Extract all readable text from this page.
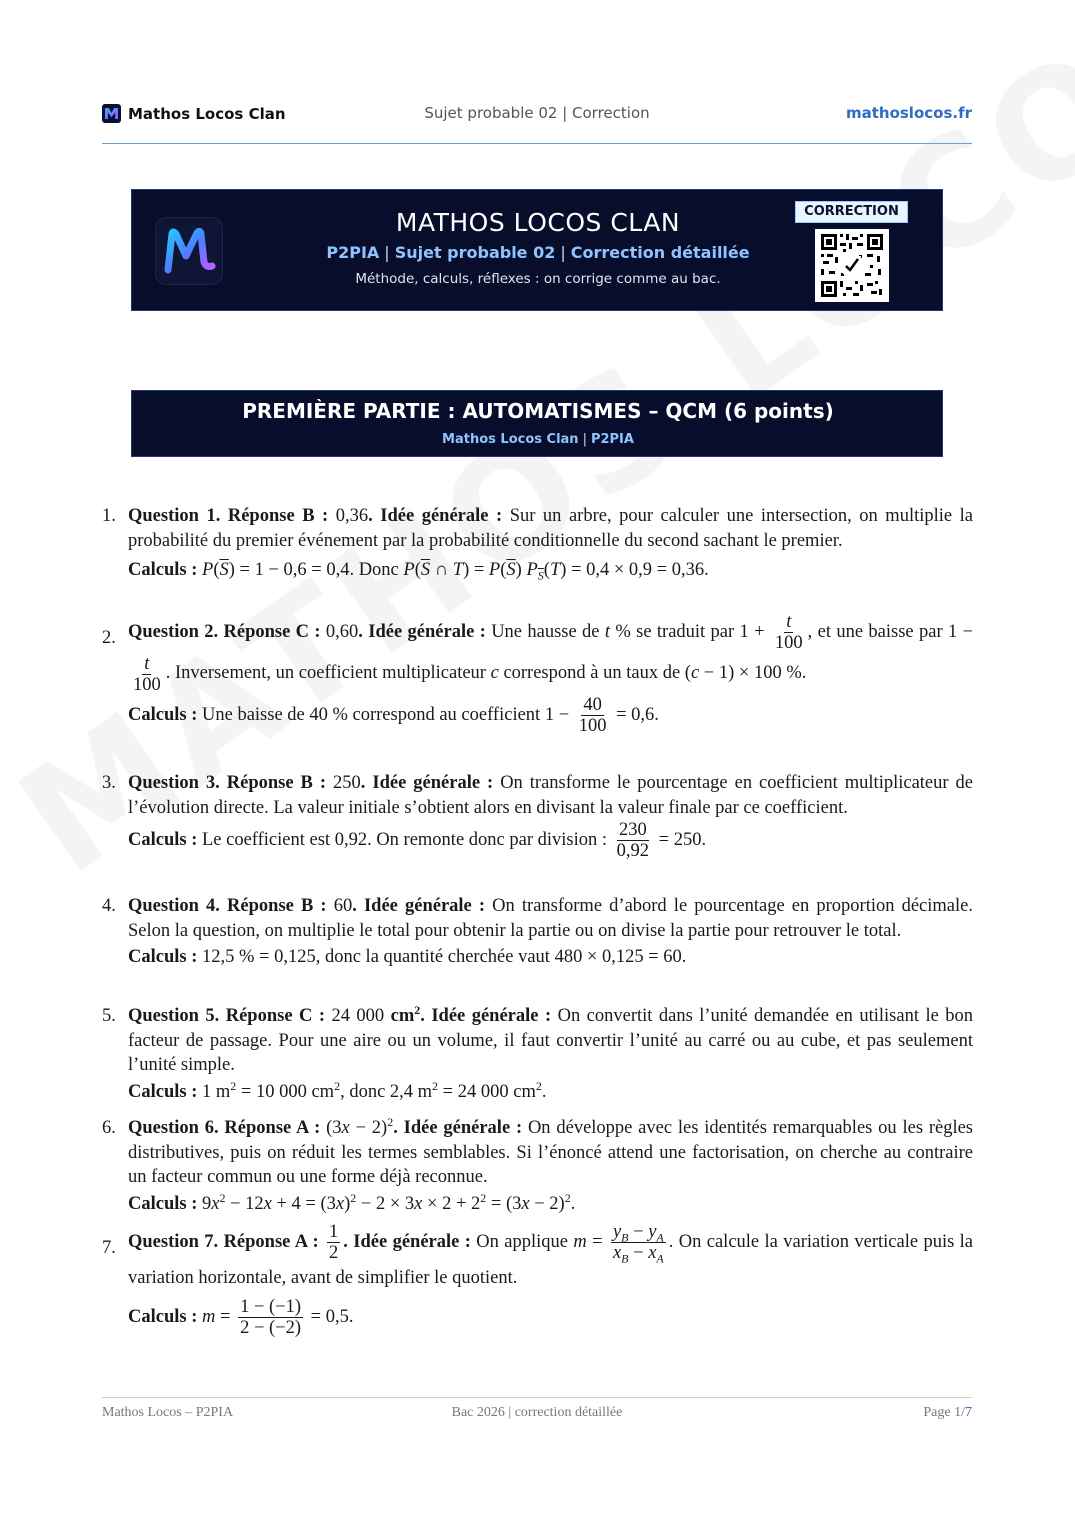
Mathos Locos Clan	Sujet probable 02 | Correction	mathoslocos.fr
MATHOS LOCOS CLAN
P2PIA | Sujet probable 02 | Correction détaillée
Méthode, calculs, réflexes : on corrige comme au bac.
CORRECTION
PREMIÈRE PARTIE : AUTOMATISMES – QCM (6 points)
Mathos Locos Clan | P2PIA
1. Question 1. Réponse B : 0,36. Idée générale : Sur un arbre, pour calculer une intersection, on multiplie la probabilité du premier événement par la probabilité conditionnelle du second sachant le premier.
Calculs : $P(\overline{S}) = 1 - 0,6 = 0,4$. Donc $P(\overline{S}$ ∩ $T) = P(\overline{S}) P_{\overline{S}}(T) = 0,4 \times 0,9 = 0,36$.
2. Question 2. Réponse C : 0,60. Idée générale : Une hausse de t % se traduit par $1 + \frac{t}{100}$ , et une baisse par 1 −
$\frac{t}{100}$ . Inversement, un coefficient multiplicateur c correspond à un taux de (c − 1) × 100 %.
Calculs : Une baisse de 40 % correspond au coefficient $1 - \frac{40}{100} = 0,6$.
3. Question 3. Réponse B : 250. Idée générale : On transforme le pourcentage en coefficient multiplicateur de l’évolution directe. La valeur initiale s’obtient alors en divisant la valeur finale par ce coefficient.
Calculs : Le coefficient est 0,92. On remonte donc par division : $\frac{230}{0,92} = 250$.
4. Question 4. Réponse B : 60. Idée générale : On transforme d’abord le pourcentage en proportion décimale. Selon la question, on multiplie le total pour obtenir la partie ou on divise la partie pour retrouver le total.
Calculs : 12,5 % = 0,125, donc la quantité cherchée vaut 480 × 0,125 = 60.
5. Question 5. Réponse C : 24 000 $cm^2$. Idée générale : On convertit dans l’unité demandée en utilisant le bon facteur de passage. Pour une aire ou un volume, il faut convertir l’unité au carré ou au cube, et pas seulement l’unité simple.
Calculs : 1 $m^2 = 10$ 000 $cm^2$, donc 2,4 $m^2 = 24$ 000 $cm^2$.
6. Question 6. Réponse A : $(3x - 2)^2$. Idée générale : On développe avec les identités remarquables ou les règles distributives, puis on réduit les termes semblables. Si l’énoncé attend une factorisation, on cherche au contraire un facteur commun ou une forme déjà reconnue.
Calculs : $9x^2 - 12x + 4 = (3x)^2 - 2 \times 3x \times 2 + 2^2 = (3x - 2)^2$.
7. Question 7. Réponse A : $\frac{1}{2}$ . Idée générale : On applique $m = \frac{y_B - y_A}{x_B - x_A}$ . On calcule la variation verticale puis la variation horizontale, avant de simplifier le quotient.
Calculs : $m = \frac{1 - (-1)}{2 - (-2)} = 0,5$.
Mathos Locos – P2PIA	Bac 2026 | correction détaillée	Page 1/7
